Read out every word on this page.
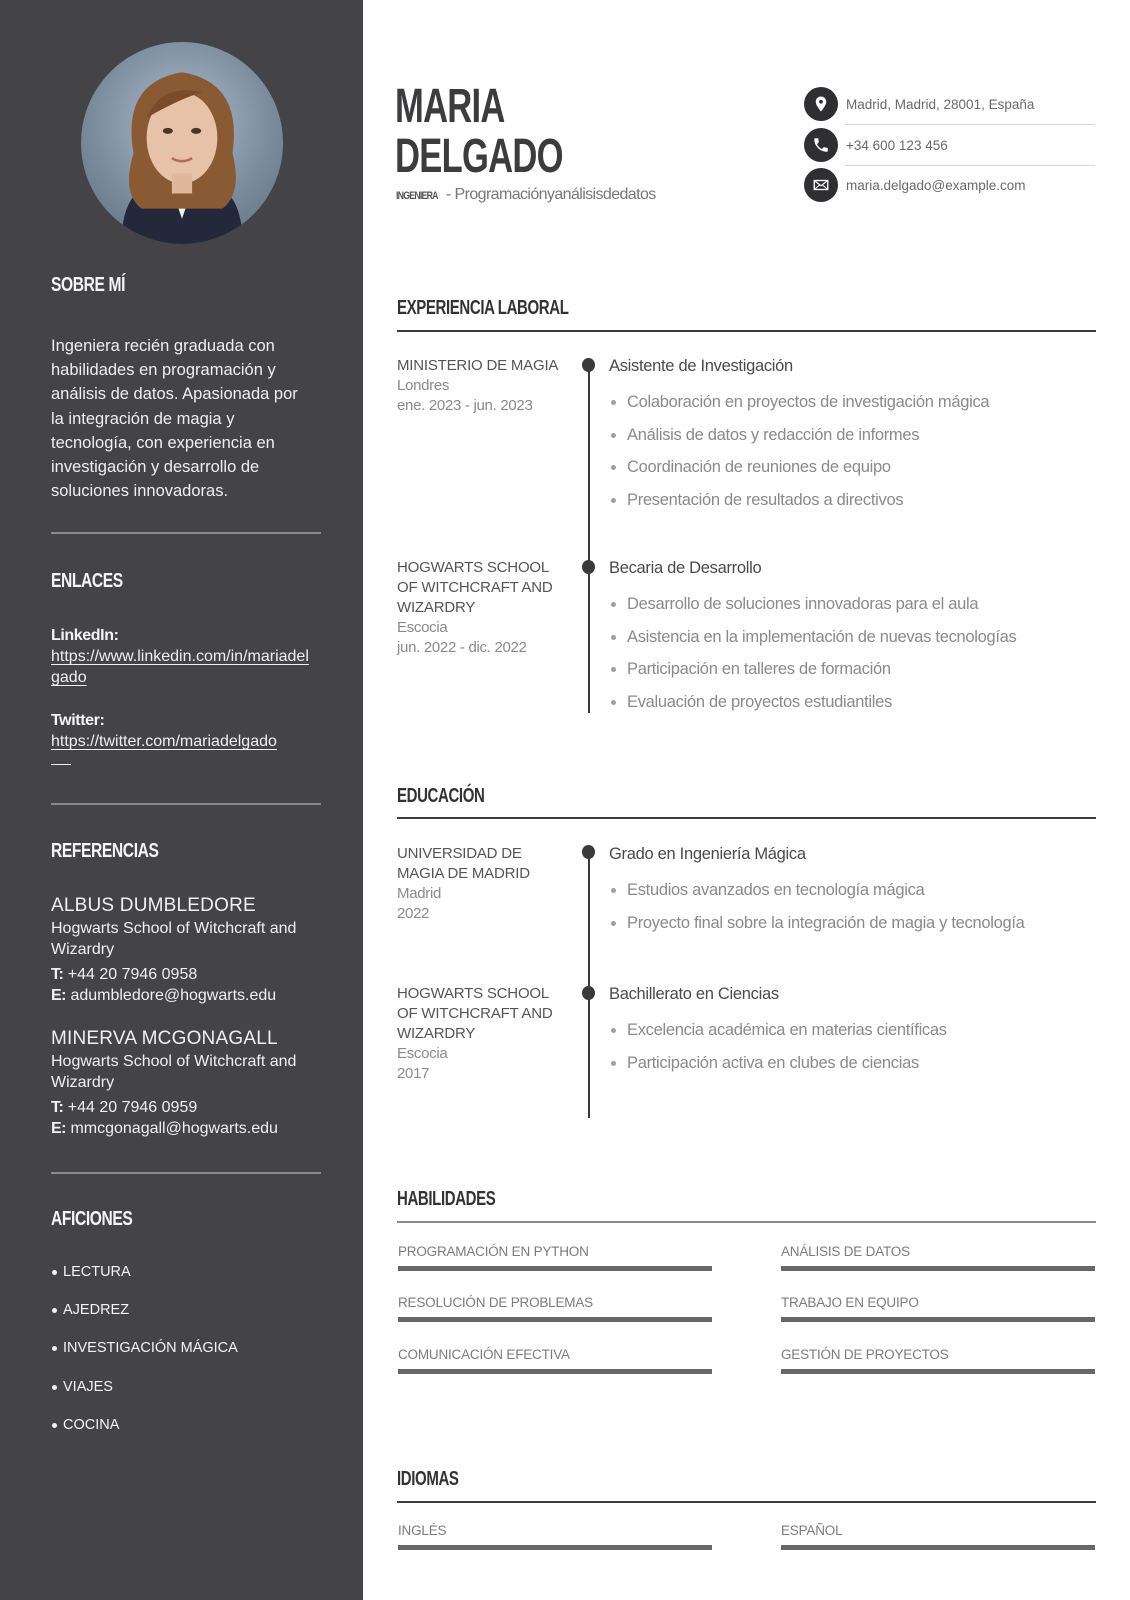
SOBRE MÍ

Ingeniera recién graduada con habilidades en programación y análisis de datos. Apasionada por la integración de magia y tecnología, con experiencia en investigación y desarrollo de soluciones innovadoras.

ENLACES
LinkedIn:
https://www.linkedin.com/in/mariadelgado
Twitter:
https://twitter.com/mariadelgado
REFERENCIAS
ALBUS DUMBLEDORE
Hogwarts School of Witchcraft and Wizardry
T: +44 20 7946 0958
E: adumbledore@hogwarts.edu
MINERVA MCGONAGALL
Hogwarts School of Witchcraft and Wizardry
T: +44 20 7946 0959
E: mmcgonagall@hogwarts.edu
AFICIONES
LECTURA
AJEDREZ
INVESTIGACIÓN MÁGICA
VIAJES
COCINA
MARIA
DELGADO
INGENIERA - Programaciónyanálisisdedatos
Madrid, Madrid, 28001, España
+34 600 123 456
maria.delgado@example.com
EXPERIENCIA LABORAL
MINISTERIO DE MAGIA
Londres
ene. 2023 - jun. 2023
Asistente de Investigación
Colaboración en proyectos de investigación mágica
Análisis de datos y redacción de informes
Coordinación de reuniones de equipo
Presentación de resultados a directivos
HOGWARTS SCHOOL OF WITCHCRAFT AND WIZARDRY
Escocia
jun. 2022 - dic. 2022
Becaria de Desarrollo
Desarrollo de soluciones innovadoras para el aula
Asistencia en la implementación de nuevas tecnologías
Participación en talleres de formación
Evaluación de proyectos estudiantiles
EDUCACIÓN
UNIVERSIDAD DE MAGIA DE MADRID
Madrid
2022
Grado en Ingeniería Mágica
Estudios avanzados en tecnología mágica
Proyecto final sobre la integración de magia y tecnología
HOGWARTS SCHOOL OF WITCHCRAFT AND WIZARDRY
Escocia
2017
Bachillerato en Ciencias
Excelencia académica en materias científicas
Participación activa en clubes de ciencias
HABILIDADES
PROGRAMACIÓN EN PYTHON	ANÁLISIS DE DATOS
RESOLUCIÓN DE PROBLEMAS	TRABAJO EN EQUIPO
COMUNICACIÓN EFECTIVA	GESTIÓN DE PROYECTOS
IDIOMAS
INGLÉS	ESPAÑOL
